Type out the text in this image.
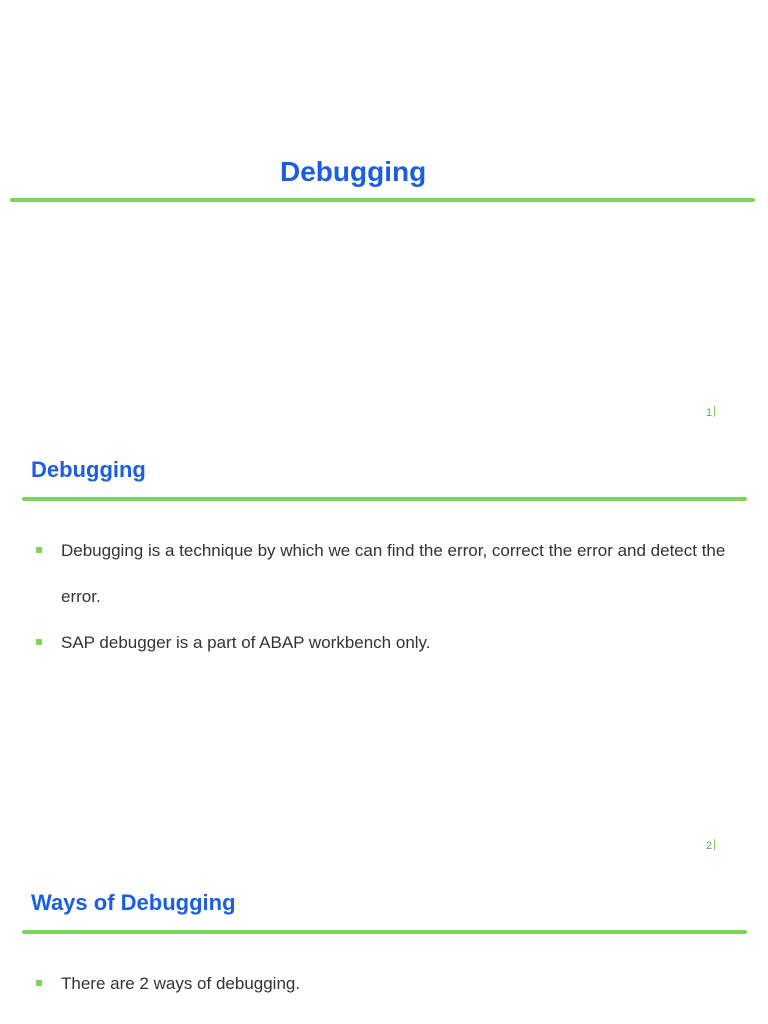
Debugging
1
Debugging
Debugging is a technique by which we can find the error, correct the error and detect the error.
SAP debugger is a part of ABAP workbench only.
2
Ways of Debugging
There are 2 ways of debugging.
